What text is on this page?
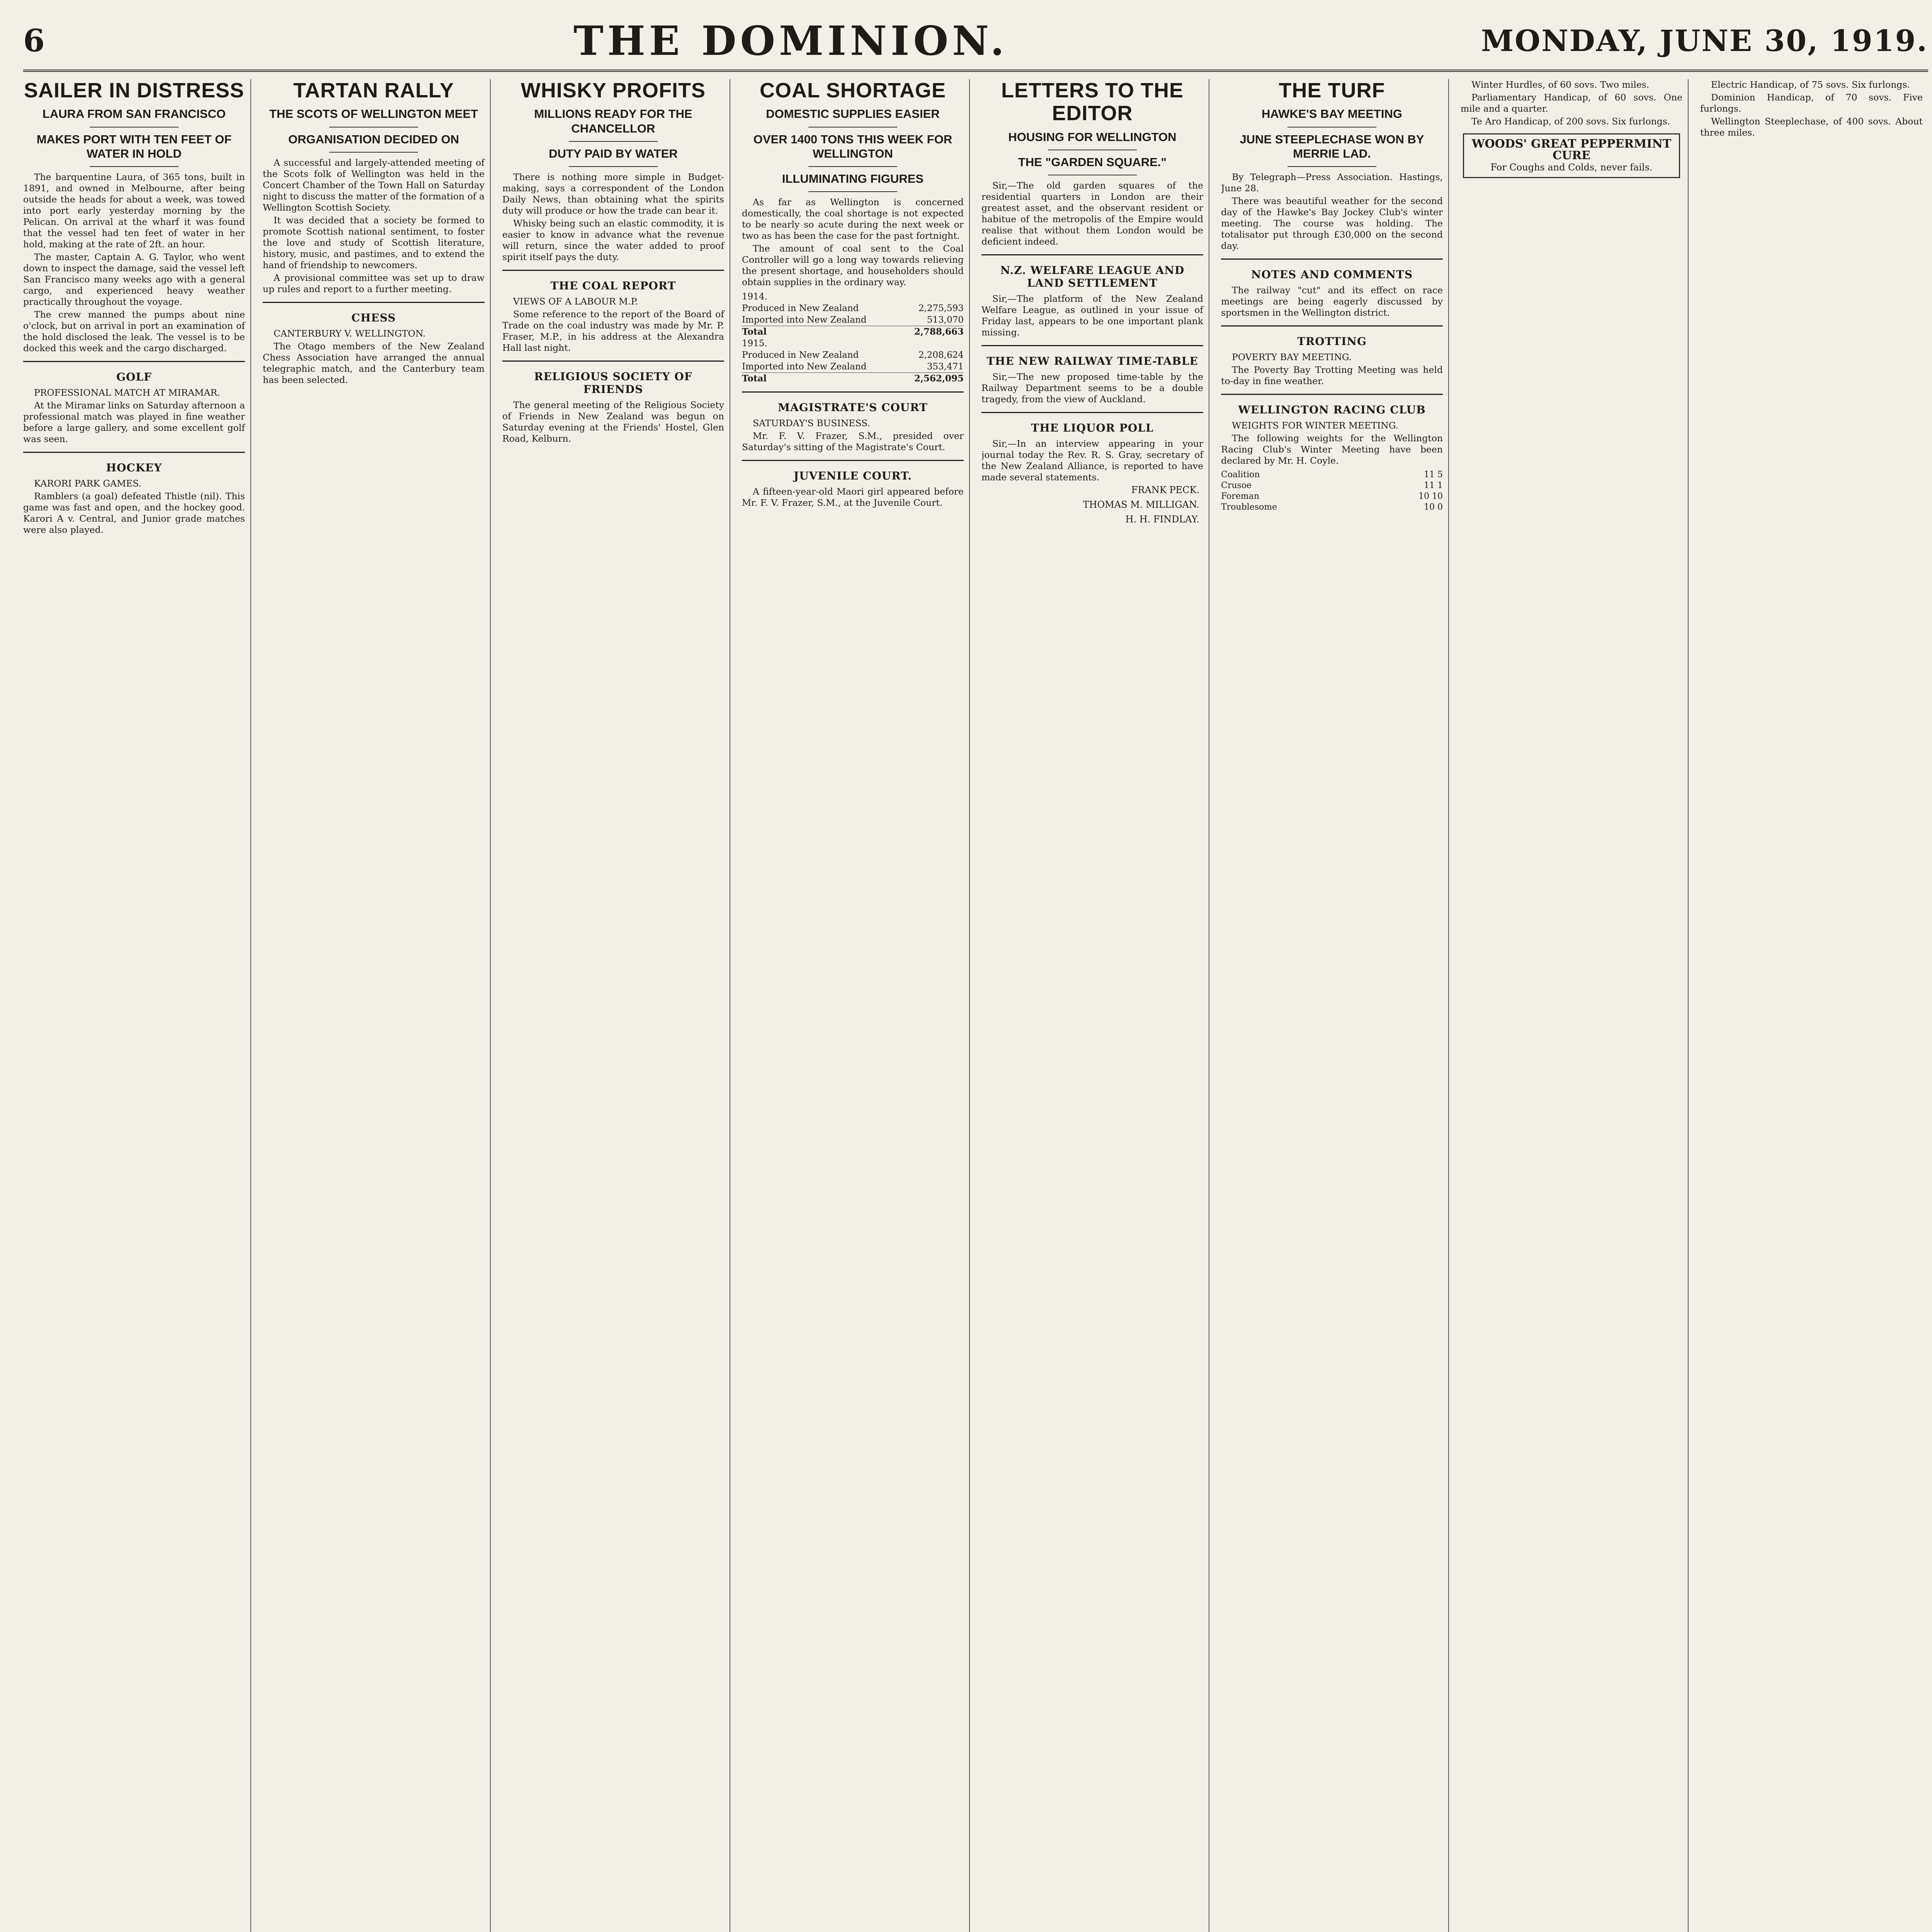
6	THE DOMINION.	MONDAY, JUNE 30, 1919.
SAILER IN DISTRESS
LAURA FROM SAN FRANCISCO
MAKES PORT WITH TEN FEET OF WATER IN HOLD

The barquentine Laura, of 365 tons, built in 1891, and owned in Melbourne, after being outside the heads for about a week, was towed into port early yesterday morning by the Pelican. On arrival at the wharf it was found that the vessel had ten feet of water in her hold, making at the rate of 2ft. an hour.

The master, Captain A. G. Taylor, who went down to inspect the damage, said the vessel left San Francisco many weeks ago with a general cargo, and experienced heavy weather practically throughout the voyage.

The crew manned the pumps about nine o'clock, but on arrival in port an examination of the hold disclosed the leak. The vessel is to be docked this week and the cargo discharged.

GOLF

PROFESSIONAL MATCH AT MIRAMAR.

At the Miramar links on Saturday afternoon a professional match was played in fine weather before a large gallery, and some excellent golf was seen.

HOCKEY

KARORI PARK GAMES.

Ramblers (a goal) defeated Thistle (nil). This game was fast and open, and the hockey good. Karori A v. Central, and Junior grade matches were also played.

TARTAN RALLY
THE SCOTS OF WELLINGTON MEET
ORGANISATION DECIDED ON

A successful and largely-attended meeting of the Scots folk of Wellington was held in the Concert Chamber of the Town Hall on Saturday night to discuss the matter of the formation of a Wellington Scottish Society.

It was decided that a society be formed to promote Scottish national sentiment, to foster the love and study of Scottish literature, history, music, and pastimes, and to extend the hand of friendship to newcomers.

A provisional committee was set up to draw up rules and report to a further meeting.

CHESS

CANTERBURY V. WELLINGTON.

The Otago members of the New Zealand Chess Association have arranged the annual telegraphic match, and the Canterbury team has been selected.

WHISKY PROFITS
MILLIONS READY FOR THE CHANCELLOR
DUTY PAID BY WATER

There is nothing more simple in Budget-making, says a correspondent of the London Daily News, than obtaining what the spirits duty will produce or how the trade can bear it.

Whisky being such an elastic commodity, it is easier to know in advance what the revenue will return, since the water added to proof spirit itself pays the duty.

THE COAL REPORT

VIEWS OF A LABOUR M.P.

Some reference to the report of the Board of Trade on the coal industry was made by Mr. P. Fraser, M.P., in his address at the Alexandra Hall last night.

RELIGIOUS SOCIETY OF FRIENDS

The general meeting of the Religious Society of Friends in New Zealand was begun on Saturday evening at the Friends' Hostel, Glen Road, Kelburn.

COAL SHORTAGE
DOMESTIC SUPPLIES EASIER
OVER 1400 TONS THIS WEEK FOR WELLINGTON
ILLUMINATING FIGURES

As far as Wellington is concerned domestically, the coal shortage is not expected to be nearly so acute during the next week or two as has been the case for the past fortnight.

The amount of coal sent to the Coal Controller will go a long way towards relieving the present shortage, and householders should obtain supplies in the ordinary way.

1914.
Produced in New Zealand	2,275,593
Imported into New Zealand	513,070
Total	2,788,663
1915.
Produced in New Zealand	2,208,624
Imported into New Zealand	353,471
Total	2,562,095
MAGISTRATE'S COURT

SATURDAY'S BUSINESS.

Mr. F. V. Frazer, S.M., presided over Saturday's sitting of the Magistrate's Court.

JUVENILE COURT.

A fifteen-year-old Maori girl appeared before Mr. F. V. Frazer, S.M., at the Juvenile Court.

LETTERS TO THE EDITOR
HOUSING FOR WELLINGTON
THE "GARDEN SQUARE."

Sir,—The old garden squares of the residential quarters in London are their greatest asset, and the observant resident or habitue of the metropolis of the Empire would realise that without them London would be deficient indeed.

N.Z. WELFARE LEAGUE AND LAND SETTLEMENT

Sir,—The platform of the New Zealand Welfare League, as outlined in your issue of Friday last, appears to be one important plank missing.

THE NEW RAILWAY TIME-TABLE

Sir,—The new proposed time-table by the Railway Department seems to be a double tragedy, from the view of Auckland.

THE LIQUOR POLL

Sir,—In an interview appearing in your journal today the Rev. R. S. Gray, secretary of the New Zealand Alliance, is reported to have made several statements.

FRANK PECK.
THOMAS M. MILLIGAN.
H. H. FINDLAY.
THE TURF
HAWKE'S BAY MEETING
JUNE STEEPLECHASE WON BY MERRIE LAD.

By Telegraph—Press Association. Hastings, June 28.

There was beautiful weather for the second day of the Hawke's Bay Jockey Club's winter meeting. The course was holding. The totalisator put through £30,000 on the second day.

NOTES AND COMMENTS

The railway "cut" and its effect on race meetings are being eagerly discussed by sportsmen in the Wellington district.

TROTTING

POVERTY BAY MEETING.

The Poverty Bay Trotting Meeting was held to-day in fine weather.

WELLINGTON RACING CLUB

WEIGHTS FOR WINTER MEETING.

The following weights for the Wellington Racing Club's Winter Meeting have been declared by Mr. H. Coyle.

Coalition	11 5
Crusoe	11 1
Foreman	10 10
Troublesome	10 0

Winter Hurdles, of 60 sovs. Two miles.

Parliamentary Handicap, of 60 sovs. One mile and a quarter.

Te Aro Handicap, of 200 sovs. Six furlongs.

WOODS' GREAT PEPPERMINT CURE
For Coughs and Colds, never fails.

Electric Handicap, of 75 sovs. Six furlongs.

Dominion Handicap, of 70 sovs. Five furlongs.

Wellington Steeplechase, of 400 sovs. About three miles.
